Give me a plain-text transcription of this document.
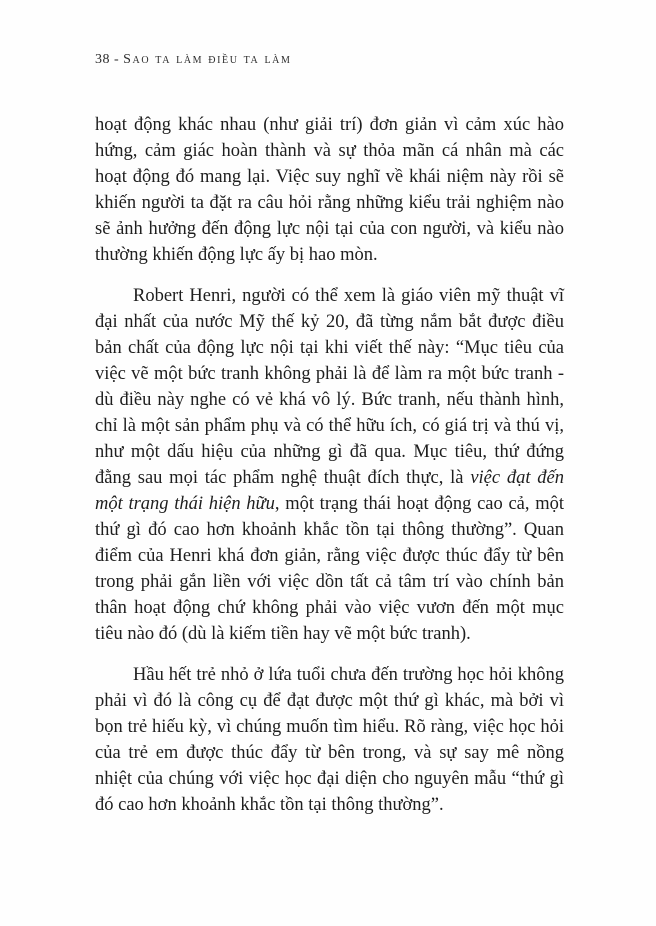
38 - Sao ta làm điều ta làm

hoạt động khác nhau (như giải trí) đơn giản vì cảm xúc hào hứng, cảm giác hoàn thành và sự thỏa mãn cá nhân mà các hoạt động đó mang lại. Việc suy nghĩ về khái niệm này rồi sẽ khiến người ta đặt ra câu hỏi rằng những kiểu trải nghiệm nào sẽ ảnh hưởng đến động lực nội tại của con người, và kiểu nào thường khiến động lực ấy bị hao mòn.

Robert Henri, người có thể xem là giáo viên mỹ thuật vĩ đại nhất của nước Mỹ thế kỷ 20, đã từng nắm bắt được điều bản chất của động lực nội tại khi viết thế này: “Mục tiêu của việc vẽ một bức tranh không phải là để làm ra một bức tranh - dù điều này nghe có vẻ khá vô lý. Bức tranh, nếu thành hình, chỉ là một sản phẩm phụ và có thể hữu ích, có giá trị và thú vị, như một dấu hiệu của những gì đã qua. Mục tiêu, thứ đứng đằng sau mọi tác phẩm nghệ thuật đích thực, là việc đạt đến một trạng thái hiện hữu, một trạng thái hoạt động cao cả, một thứ gì đó cao hơn khoảnh khắc tồn tại thông thường”. Quan điểm của Henri khá đơn giản, rằng việc được thúc đẩy từ bên trong phải gắn liền với việc dồn tất cả tâm trí vào chính bản thân hoạt động chứ không phải vào việc vươn đến một mục tiêu nào đó (dù là kiếm tiền hay vẽ một bức tranh).

Hầu hết trẻ nhỏ ở lứa tuổi chưa đến trường học hỏi không phải vì đó là công cụ để đạt được một thứ gì khác, mà bởi vì bọn trẻ hiếu kỳ, vì chúng muốn tìm hiểu. Rõ ràng, việc học hỏi của trẻ em được thúc đẩy từ bên trong, và sự say mê nồng nhiệt của chúng với việc học đại diện cho nguyên mẫu “thứ gì đó cao hơn khoảnh khắc tồn tại thông thường”.
